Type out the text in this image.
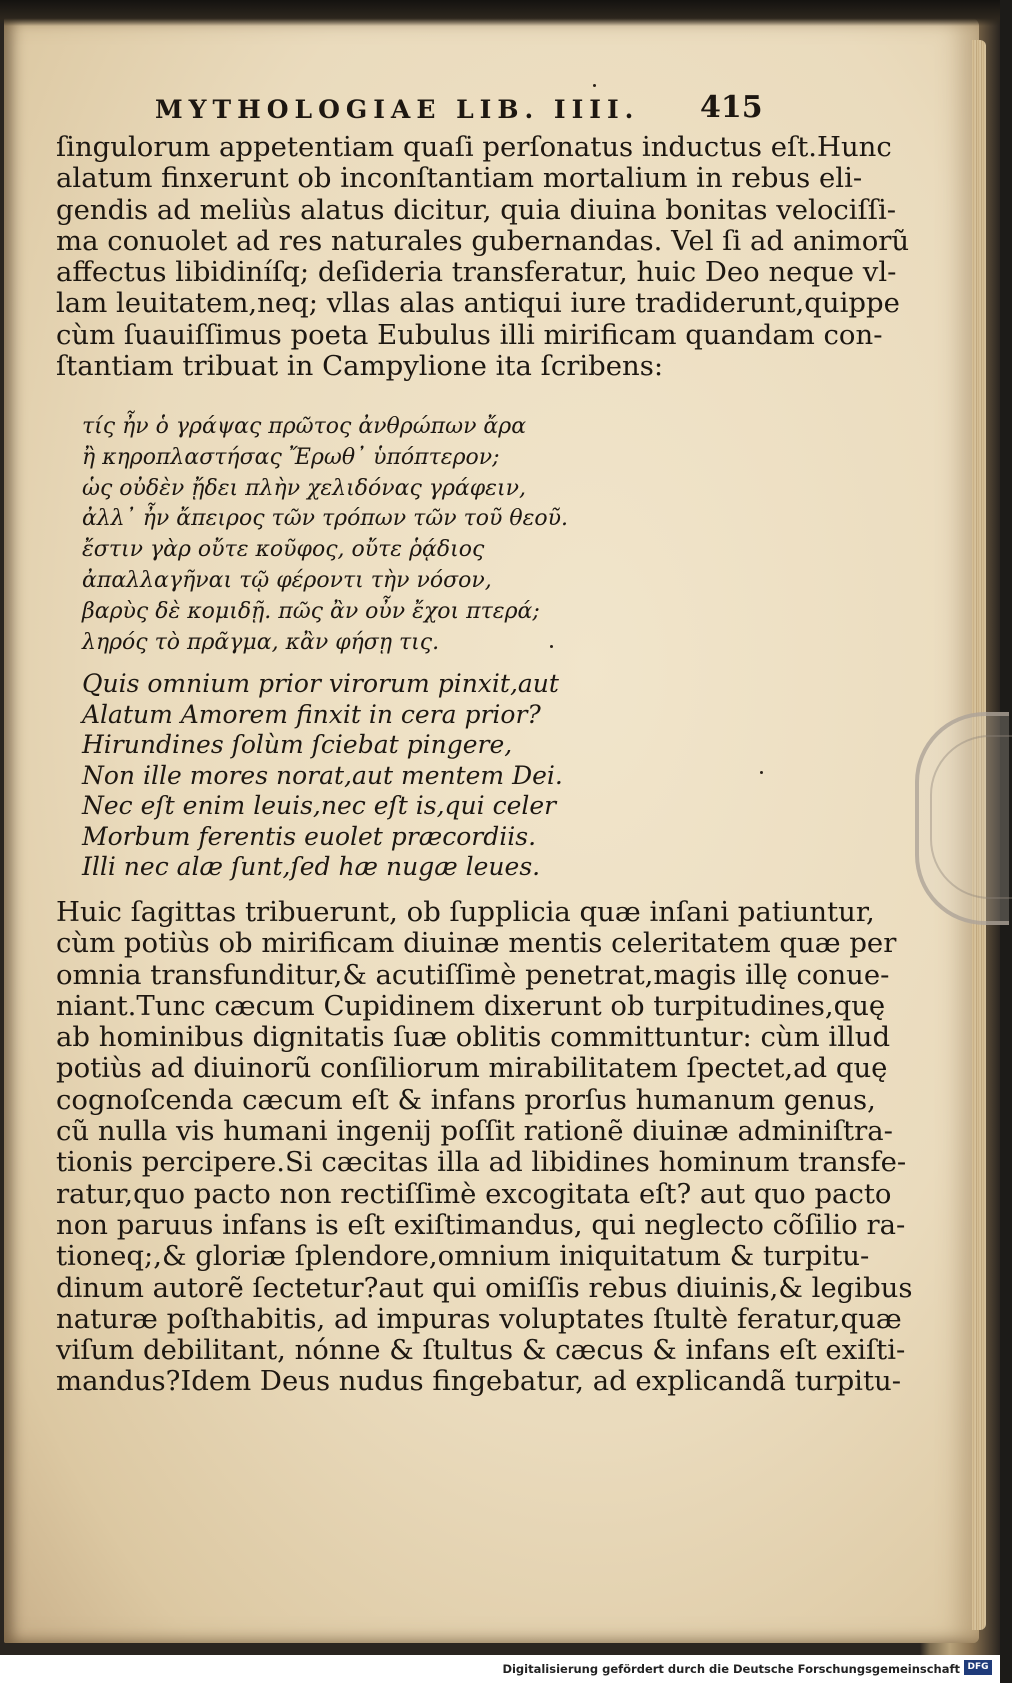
MYTHOLOGIAE LIB. IIII.	415
ſingulorum appetentiam quaſi perſonatus inductus eſt.Hunc
alatum finxerunt ob inconſtantiam mortalium in rebus eli-
gendis ad meliùs alatus dicitur, quia diuina bonitas velociſſi-
ma conuolet ad res naturales gubernandas. Vel ſi ad animorũ
affectus libidiníſq; deſideria transferatur, huic Deo neque vl-
lam leuitatem,neq; vllas alas antiqui iure tradiderunt,quippe
cùm ſuauiſſimus poeta Eubulus illi mirificam quandam con-
ſtantiam tribuat in Campylione ita ſcribens:
τίς ἦν ὁ γράψας πρῶτος ἀνθρώπων ἄρα
ἢ κηροπλαστήσας Ἔρωθ᾽ ὑπόπτερον;
ὡς οὐδὲν ᾔδει πλὴν χελιδόνας γράφειν,
ἀλλ᾽ ἦν ἄπειρος τῶν τρόπων τῶν τοῦ θεοῦ.
ἔστιν γὰρ οὔτε κοῦφος, οὔτε ῥᾴδιος
ἀπαλλαγῆναι τῷ φέροντι τὴν νόσον,
βαρὺς δὲ κομιδῇ. πῶς ἂν οὖν ἔχοι πτερά;
ληρός τὸ πρᾶγμα, κἂν φήσῃ τις.
Quis omnium prior virorum pinxit,aut
Alatum Amorem finxit in cera prior?
Hirundines ſolùm ſciebat pingere,
Non ille mores norat,aut mentem Dei.
Nec eſt enim leuis,nec eſt is,qui celer
Morbum ferentis euolet præcordiis.
Illi nec alæ ſunt,ſed hæ nugæ leues.
Huic ſagittas tribuerunt, ob ſupplicia quæ inſani patiuntur,
cùm potiùs ob mirificam diuinæ mentis celeritatem quæ per
omnia transfunditur,& acutiſſimè penetrat,magis illę conue-
niant.Tunc cæcum Cupidinem dixerunt ob turpitudines,quę
ab hominibus dignitatis ſuæ oblitis committuntur: cùm illud
potiùs ad diuinorũ conſiliorum mirabilitatem ſpectet,ad quę
cognoſcenda cæcum eſt & infans prorſus humanum genus,
cũ nulla vis humani ingenij poſſit rationẽ diuinæ adminiſtra-
tionis percipere.Si cæcitas illa ad libidines hominum transfe-
ratur,quo pacto non rectiſſimè excogitata eſt? aut quo pacto
non paruus infans is eſt exiſtimandus, qui neglecto cõſilio ra-
tioneq;,& gloriæ ſplendore,omnium iniquitatum & turpitu-
dinum autorẽ ſectetur?aut qui omiſſis rebus diuinis,& legibus
naturæ poſthabitis, ad impuras voluptates ſtultè feratur,quæ
viſum debilitant, nónne & ſtultus & cæcus & infans eſt exiſti-
mandus?Idem Deus nudus fingebatur, ad explicandã turpitu-
Digitalisierung gefördert durch die Deutsche Forschungsgemeinschaft DFG
